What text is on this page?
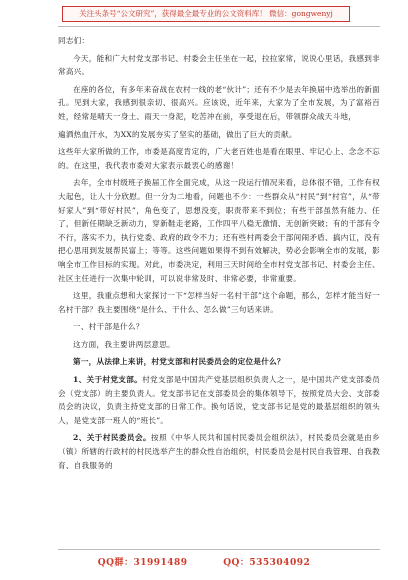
关注头条号“公文研究”，获得最全最专业的公文资料库！ 微信：gongwenyj

同志们：

今天，能和广大村党支部书记、村委会主任坐在一起，拉拉家常，说说心里话，我感到非常高兴。

在座的各位，有多年来奋战在农村一线的老“伙计”；还有不少是去年换届中选举出的新面孔。见到大家，我感到很亲切、很高兴。应该说，近年来，大家为了全市发展，为了富裕百姓，经常是晴天一身土、雨天一身泥，吃苦冲在前，享受退在后，带领群众战天斗地，

遍洒热血汗水，为XX的发展夯实了坚实的基础，做出了巨大的贡献。

这些年大家所做的工作，市委是高度肯定的，广大老百姓也是看在眼里、牢记心上、念念不忘的。在这里，我代表市委对大家表示最衷心的感谢！

去年，全市村级班子换届工作全面完成，从这一段运行情况来看，总体很不错，工作有权大起色，让人十分欣慰。但一分为二地看，问题也不少：一些群众从“村民”到“村官”，从“带好家人”到“带好村民”，角色变了，思想没变，职责带来不到位；有些干部虽然有能力、任了，但新任期缺乏新动力，穿新鞋走老路，工作四平八稳无激情、无创新突破；有的干部有令不行，落实不力，执行党委、政府的政令不力；还有些村两委会干部间闹矛盾、搞内讧，没有把心思用到发展帮民富上；等等。这些问题如果得不到有效解决，势必会影响全市的发展，影响全市工作目标的实现。对此，市委决定，利用三天时间给全市村党支部书记、村委会主任、社区主任进行一次集中轮训，可以说非常及时、非常必要，非常重要。

这里，我重点想和大家探讨一下“怎样当好一名村干部”这个命题，那么，怎样才能当好一名村干部？我主要围绕“是什么、干什么、怎么做”三句话来讲。

一、村干部是什么？

这方面，我主要讲两层意思。

第一，从法律上来讲，村党支部和村民委员会的定位是什么？

1、关于村党支部。村党支部是中国共产党基层组织负责人之一，是中国共产党支部委员会（党支部）的主要负责人。党支部书记在支部委员会的集体领导下，按照党员大会、支部委员会的决议，负责主持党支部的日常工作。换句话说，党支部书记是党的最基层组织的领头人，是党支部一班人的“班长”。

2、关于村民委员会。按照《中华人民共和国村民委员会组织法》，村民委员会就是由乡（镇）所辖的行政村的村民选举产生的群众性自治组织，村民委员会是村民自我管理、自我教育、自我服务的

QQ群：31991489	QQ：535304092
